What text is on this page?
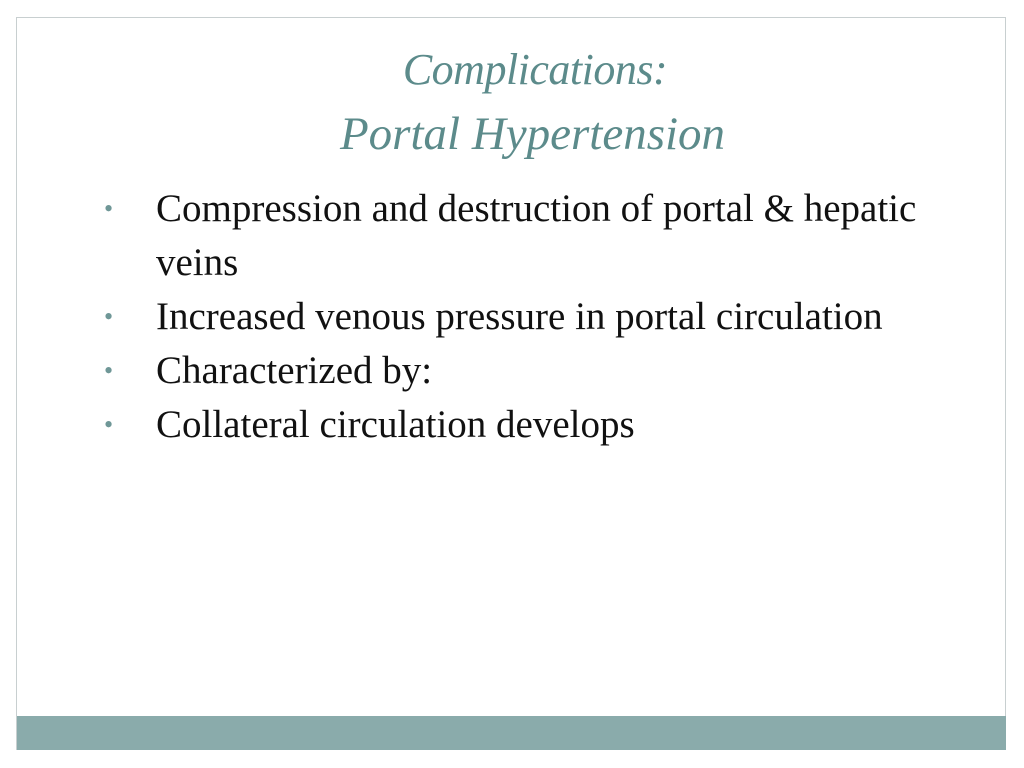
Complications:
Portal Hypertension
• Compression and destruction of portal & hepatic veins
• Increased venous pressure in portal circulation
• Characterized by:
• Collateral circulation develops
